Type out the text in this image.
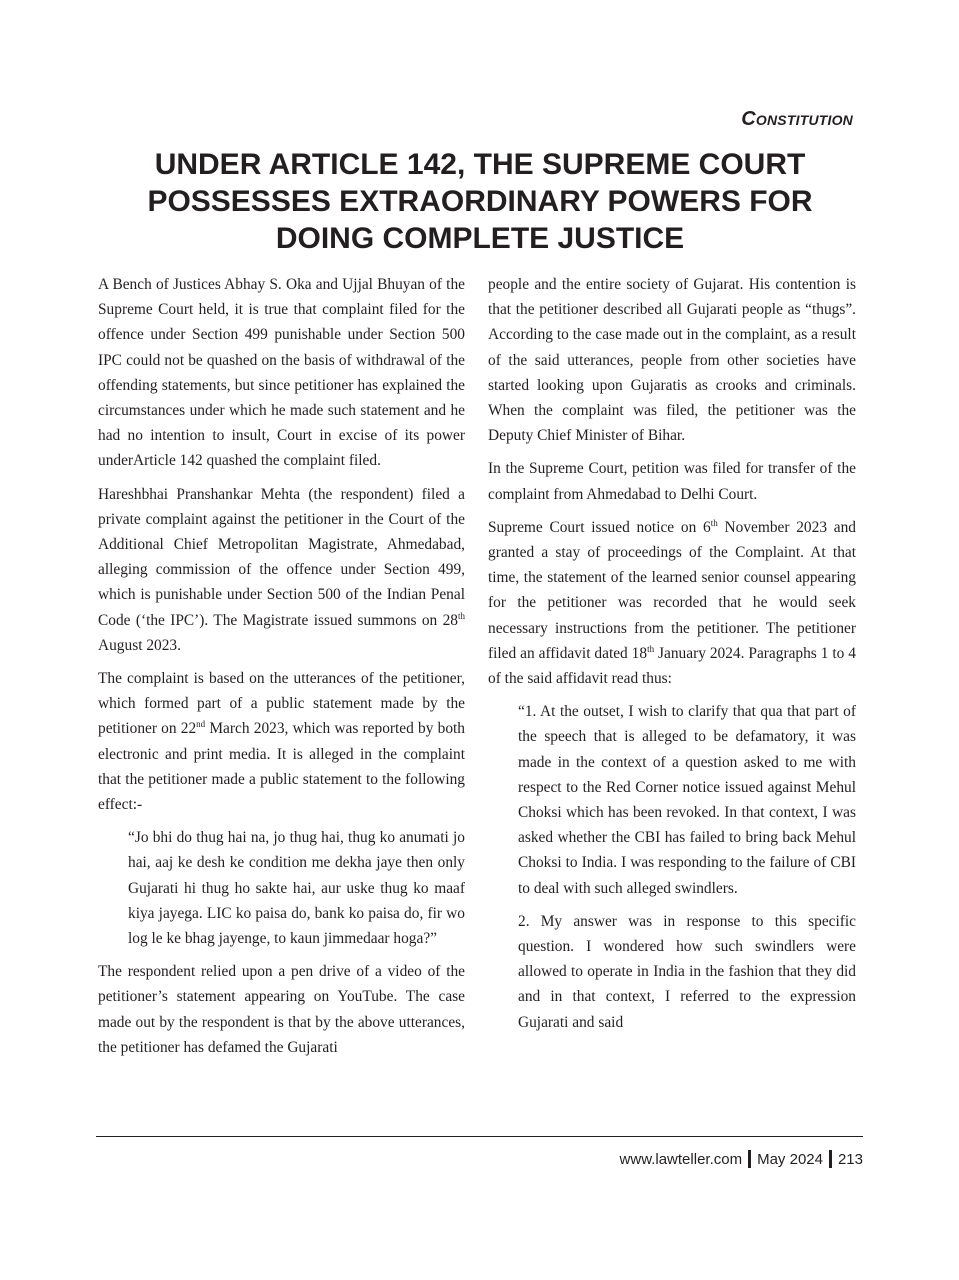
Constitution
UNDER ARTICLE 142, THE SUPREME COURT
POSSESSES EXTRAORDINARY POWERS FOR
DOING COMPLETE JUSTICE

A Bench of Justices Abhay S. Oka and Ujjal Bhuyan of the Supreme Court held, it is true that complaint filed for the offence under Section 499 punishable under Section 500 IPC could not be quashed on the basis of withdrawal of the offending statements, but since petitioner has explained the circumstances under which he made such statement and he had no intention to insult, Court in excise of its power underArticle 142 quashed the complaint filed.

Hareshbhai Pranshankar Mehta (the respondent) filed a private complaint against the petitioner in the Court of the Additional Chief Metropolitan Magistrate, Ahmedabad, alleging commission of the offence under Section 499, which is punishable under Section 500 of the Indian Penal Code (‘the IPC’). The Magistrate issued summons on 28th August 2023.

The complaint is based on the utterances of the petitioner, which formed part of a public statement made by the petitioner on 22nd March 2023, which was reported by both electronic and print media. It is alleged in the complaint that the petitioner made a public statement to the following effect:-

“Jo bhi do thug hai na, jo thug hai, thug ko anumati jo hai, aaj ke desh ke condition me dekha jaye then only Gujarati hi thug ho sakte hai, aur uske thug ko maaf kiya jayega. LIC ko paisa do, bank ko paisa do, fir wo log le ke bhag jayenge, to kaun jimmedaar hoga?”

The respondent relied upon a pen drive of a video of the petitioner’s statement appearing on YouTube. The case made out by the respondent is that by the above utterances, the petitioner has defamed the Gujarati

people and the entire society of Gujarat. His contention is that the petitioner described all Gujarati people as “thugs”. According to the case made out in the complaint, as a result of the said utterances, people from other societies have started looking upon Gujaratis as crooks and criminals. When the complaint was filed, the petitioner was the Deputy Chief Minister of Bihar.

In the Supreme Court, petition was filed for transfer of the complaint from Ahmedabad to Delhi Court.

Supreme Court issued notice on 6th November 2023 and granted a stay of proceedings of the Complaint. At that time, the statement of the learned senior counsel appearing for the petitioner was recorded that he would seek necessary instructions from the petitioner. The petitioner filed an affidavit dated 18th January 2024. Paragraphs 1 to 4 of the said affidavit read thus:

“1. At the outset, I wish to clarify that qua that part of the speech that is alleged to be defamatory, it was made in the context of a question asked to me with respect to the Red Corner notice issued against Mehul Choksi which has been revoked. In that context, I was asked whether the CBI has failed to bring back Mehul Choksi to India. I was responding to the failure of CBI to deal with such alleged swindlers.

2. My answer was in response to this specific question. I wondered how such swindlers were allowed to operate in India in the fashion that they did and in that context, I referred to the expression Gujarati and said

www.lawteller.com May 2024 213
